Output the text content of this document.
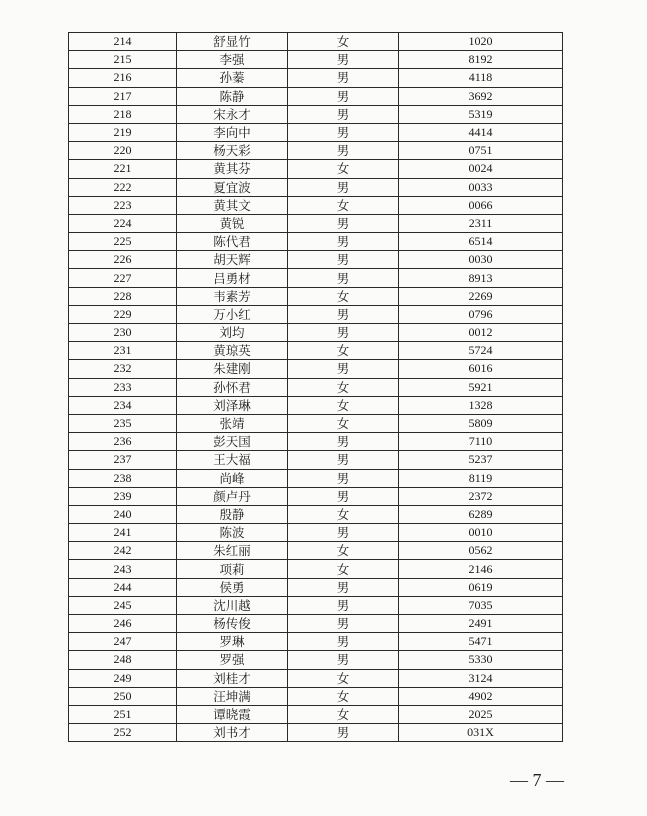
214	舒显竹	女	1020
215	李强	男	8192
216	孙蓁	男	4118
217	陈静	男	3692
218	宋永才	男	5319
219	李向中	男	4414
220	杨天彩	男	0751
221	黄其芬	女	0024
222	夏宜波	男	0033
223	黄其文	女	0066
224	黄锐	男	2311
225	陈代君	男	6514
226	胡天辉	男	0030
227	吕勇材	男	8913
228	韦素芳	女	2269
229	万小红	男	0796
230	刘均	男	0012
231	黄琼英	女	5724
232	朱建刚	男	6016
233	孙怀君	女	5921
234	刘泽琳	女	1328
235	张靖	女	5809
236	彭天国	男	7110
237	王大福	男	5237
238	尚峰	男	8119
239	颜卢丹	男	2372
240	殷静	女	6289
241	陈波	男	0010
242	朱红丽	女	0562
243	项莉	女	2146
244	侯勇	男	0619
245	沈川越	男	7035
246	杨传俊	男	2491
247	罗琳	男	5471
248	罗强	男	5330
249	刘桂才	女	3124
250	汪坤满	女	4902
251	谭晓霞	女	2025
252	刘书才	男	031X
— 7 —
